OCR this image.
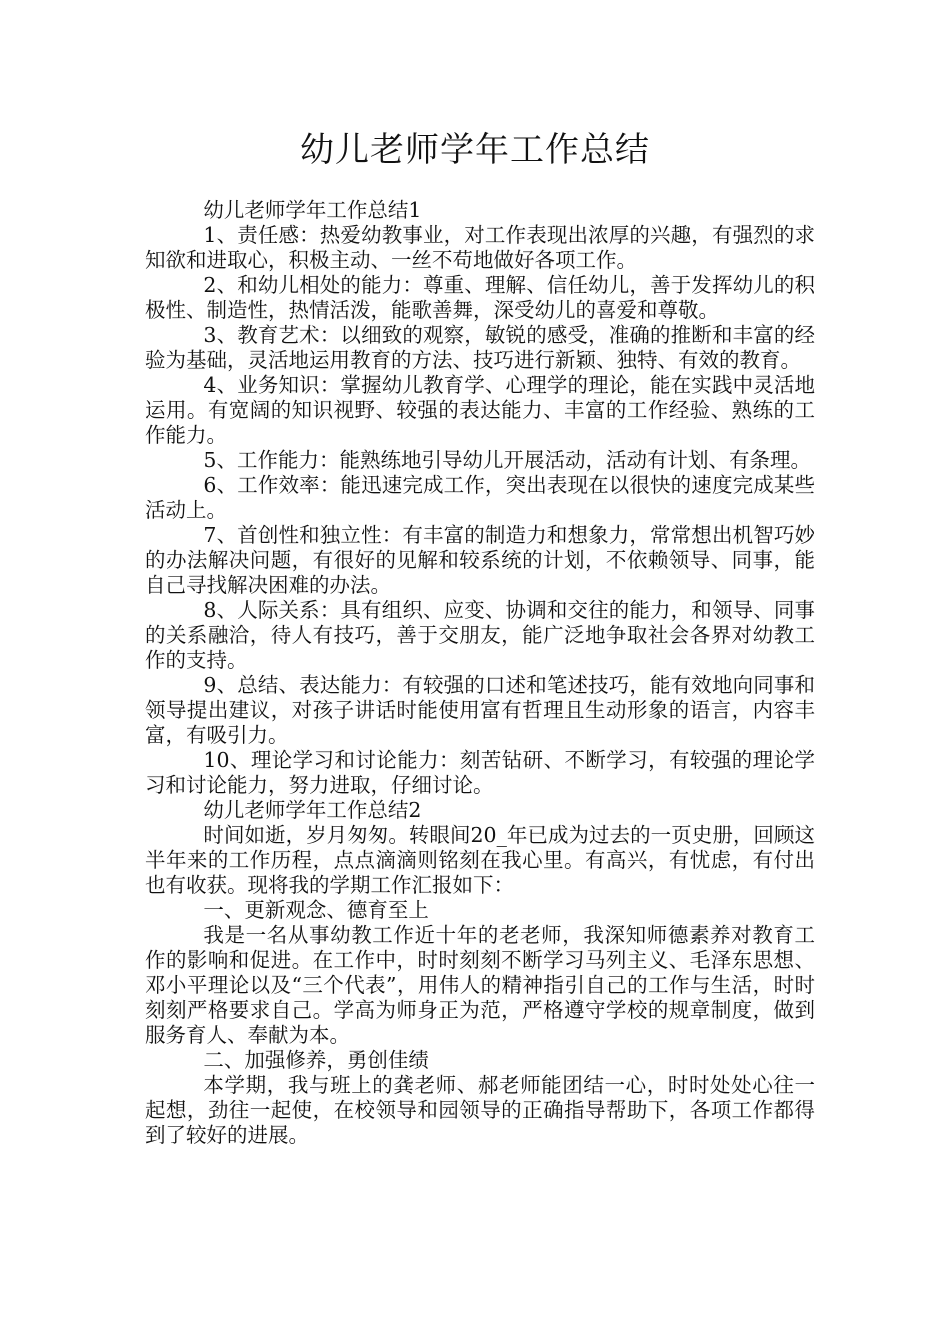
幼儿老师学年工作总结

幼儿老师学年工作总结1

1、责任感：热爱幼教事业，对工作表现出浓厚的兴趣，有强烈的求知欲和进取心，积极主动、一丝不苟地做好各项工作。

2、和幼儿相处的能力：尊重、理解、信任幼儿，善于发挥幼儿的积极性、制造性，热情活泼，能歌善舞，深受幼儿的喜爱和尊敬。

3、教育艺术：以细致的观察，敏锐的感受，准确的推断和丰富的经验为基础，灵活地运用教育的方法、技巧进行新颖、独特、有效的教育。

4、业务知识：掌握幼儿教育学、心理学的理论，能在实践中灵活地运用。有宽阔的知识视野、较强的表达能力、丰富的工作经验、熟练的工作能力。

5、工作能力：能熟练地引导幼儿开展活动，活动有计划、有条理。

6、工作效率：能迅速完成工作，突出表现在以很快的速度完成某些活动上。

7、首创性和独立性：有丰富的制造力和想象力，常常想出机智巧妙的办法解决问题，有很好的见解和较系统的计划，不依赖领导、同事，能自己寻找解决困难的办法。

8、人际关系：具有组织、应变、协调和交往的能力，和领导、同事的关系融洽，待人有技巧，善于交朋友，能广泛地争取社会各界对幼教工作的支持。

9、总结、表达能力：有较强的口述和笔述技巧，能有效地向同事和领导提出建议，对孩子讲话时能使用富有哲理且生动形象的语言，内容丰富，有吸引力。

10、理论学习和讨论能力：刻苦钻研、不断学习，有较强的理论学习和讨论能力，努力进取，仔细讨论。

幼儿老师学年工作总结2

时间如逝，岁月匆匆。转眼间20_年已成为过去的一页史册，回顾这半年来的工作历程，点点滴滴则铭刻在我心里。有高兴，有忧虑，有付出也有收获。现将我的学期工作汇报如下：

一、更新观念、德育至上

我是一名从事幼教工作近十年的老老师，我深知师德素养对教育工作的影响和促进。在工作中，时时刻刻不断学习马列主义、毛泽东思想、邓小平理论以及“三个代表”，用伟人的精神指引自己的工作与生活，时时刻刻严格要求自己。学高为师身正为范，严格遵守学校的规章制度，做到服务育人、奉献为本。

二、加强修养，勇创佳绩

本学期，我与班上的龚老师、郝老师能团结一心，时时处处心往一起想，劲往一起使，在校领导和园领导的正确指导帮助下，各项工作都得到了较好的进展。
